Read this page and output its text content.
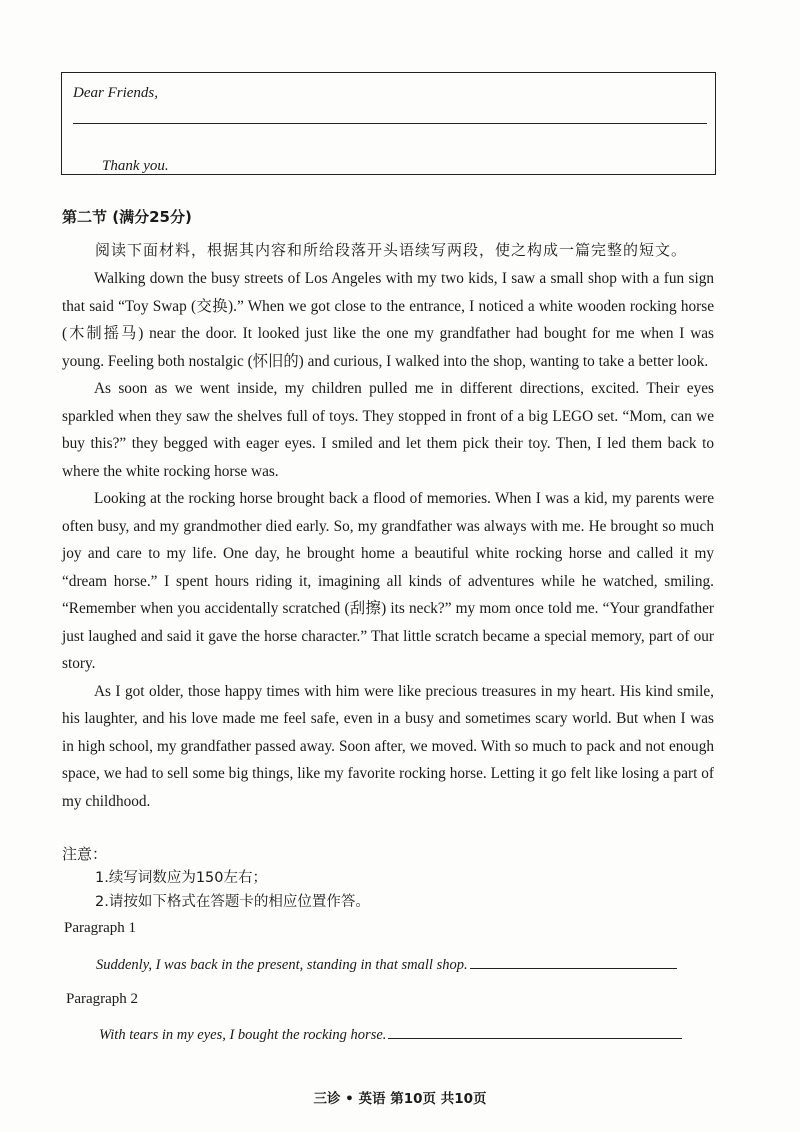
Dear Friends,
Thank you.
第二节 (满分25分)
阅读下面材料，根据其内容和所给段落开头语续写两段，使之构成一篇完整的短文。

Walking down the busy streets of Los Angeles with my two kids, I saw a small shop with a fun sign that said “Toy Swap (交换).” When we got close to the entrance, I noticed a white wooden rocking horse (木制摇马) near the door. It looked just like the one my grandfather had bought for me when I was young. Feeling both nostalgic (怀旧的) and curious, I walked into the shop, wanting to take a better look.

As soon as we went inside, my children pulled me in different directions, excited. Their eyes sparkled when they saw the shelves full of toys. They stopped in front of a big LEGO set. “Mom, can we buy this?” they begged with eager eyes. I smiled and let them pick their toy. Then, I led them back to where the white rocking horse was.

Looking at the rocking horse brought back a flood of memories. When I was a kid, my parents were often busy, and my grandmother died early. So, my grandfather was always with me. He brought so much joy and care to my life. One day, he brought home a beautiful white rocking horse and called it my “dream horse.” I spent hours riding it, imagining all kinds of adventures while he watched, smiling. “Remember when you accidentally scratched (刮擦) its neck?” my mom once told me. “Your grandfather just laughed and said it gave the horse character.” That little scratch became a special memory, part of our story.

As I got older, those happy times with him were like precious treasures in my heart. His kind smile, his laughter, and his love made me feel safe, even in a busy and sometimes scary world. But when I was in high school, my grandfather passed away. Soon after, we moved. With so much to pack and not enough space, we had to sell some big things, like my favorite rocking horse. Letting it go felt like losing a part of my childhood.

注意：
1.续写词数应为150左右；
2.请按如下格式在答题卡的相应位置作答。
Paragraph 1
Suddenly, I was back in the present, standing in that small shop.
Paragraph 2
With tears in my eyes, I bought the rocking horse.
三诊 • 英语 第10页 共10页
